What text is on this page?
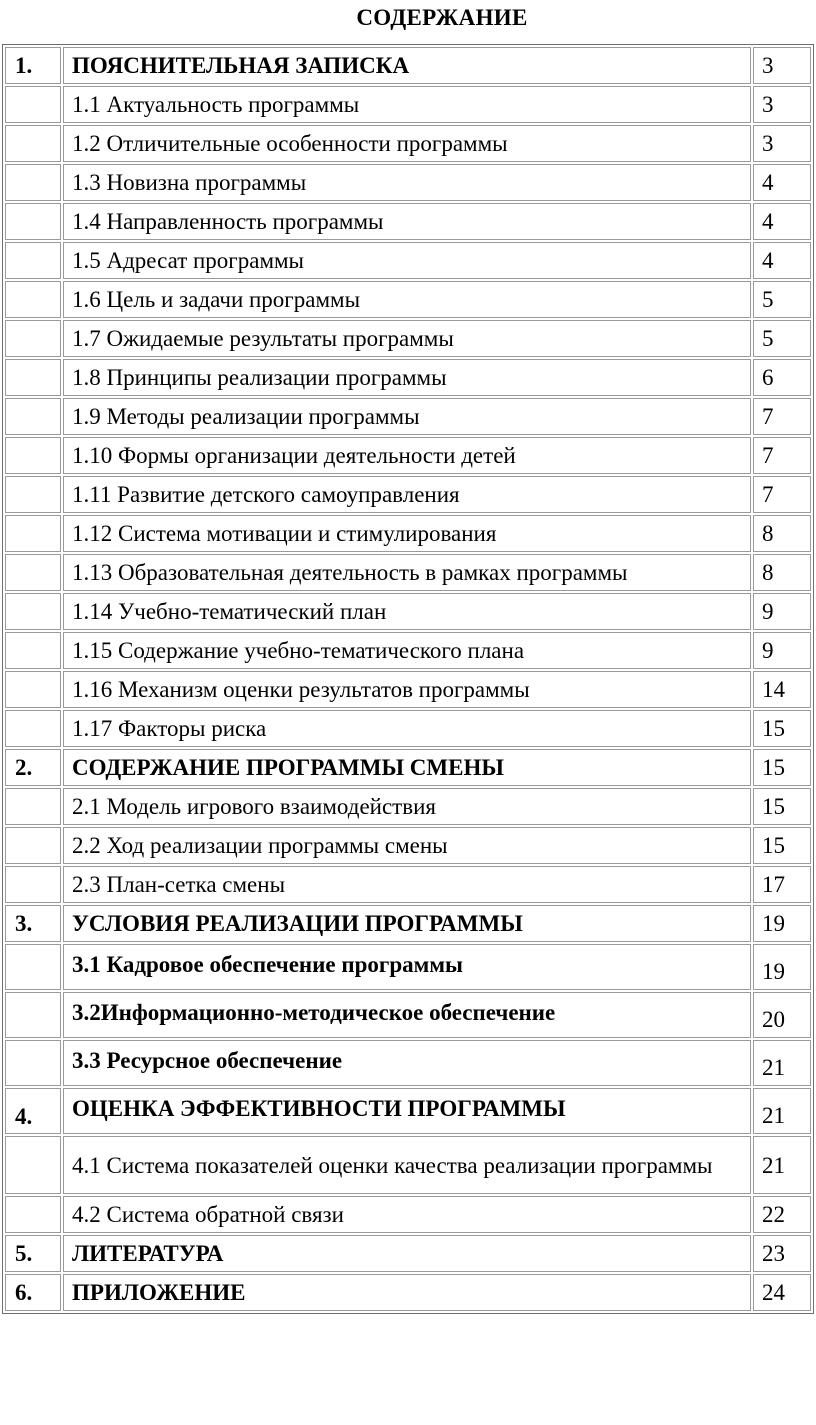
СОДЕРЖАНИЕ
1.	ПОЯСНИТЕЛЬНАЯ ЗАПИСКА	3
	1.1 Актуальность программы	3
	1.2 Отличительные особенности программы	3
	1.3 Новизна программы	4
	1.4 Направленность программы	4
	1.5 Адресат программы	4
	1.6 Цель и задачи программы	5
	1.7 Ожидаемые результаты программы	5
	1.8 Принципы реализации программы	6
	1.9 Методы реализации программы	7
	1.10 Формы организации деятельности детей	7
	1.11 Развитие детского самоуправления	7
	1.12 Система мотивации и стимулирования	8
	1.13 Образовательная деятельность в рамках программы	8
	1.14 Учебно-тематический план	9
	1.15 Содержание учебно-тематического плана	9
	1.16 Механизм оценки результатов программы	14
	1.17 Факторы риска	15
2.	СОДЕРЖАНИЕ ПРОГРАММЫ СМЕНЫ	15
	2.1 Модель игрового взаимодействия	15
	2.2 Ход реализации программы смены	15
	2.3 План-сетка смены	17
3.	УСЛОВИЯ РЕАЛИЗАЦИИ ПРОГРАММЫ	19
	3.1 Кадровое обеспечение программы	19
	3.2Информационно-методическое обеспечение	20
	3.3 Ресурсное обеспечение	21
4.	ОЦЕНКА ЭФФЕКТИВНОСТИ ПРОГРАММЫ	21
	4.1 Система показателей оценки качества реализации программы	21
	4.2 Система обратной связи	22
5.	ЛИТЕРАТУРА	23
6.	ПРИЛОЖЕНИЕ	24
